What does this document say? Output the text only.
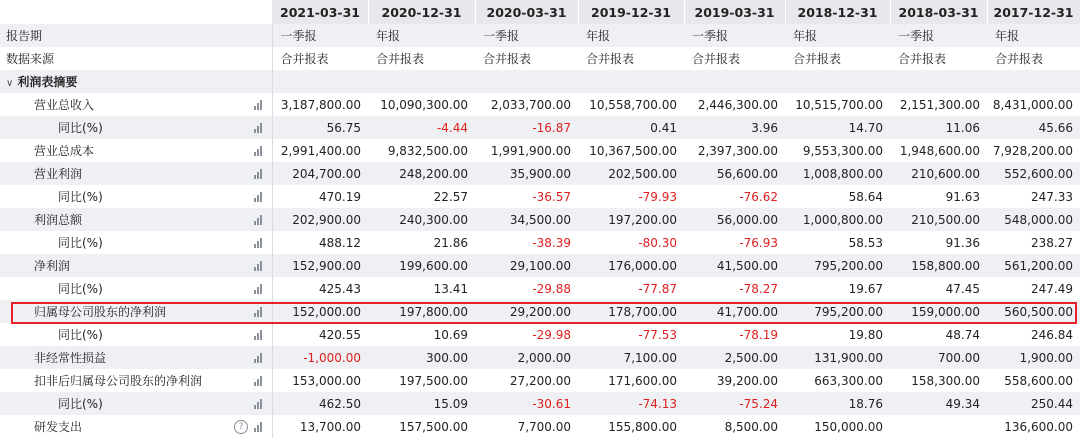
		2021-03-31	2020-12-31	2020-03-31	2019-12-31	2019-03-31	2018-12-31	2018-03-31	2017-12-31
报告期		一季报	年报	一季报	年报	一季报	年报	一季报	年报
数据来源		合并报表	合并报表	合并报表	合并报表	合并报表	合并报表	合并报表	合并报表
∨ 利润表摘要									
营业总收入		3,187,800.00	10,090,300.00	2,033,700.00	10,558,700.00	2,446,300.00	10,515,700.00	2,151,300.00	8,431,000.00
同比(%)		56.75	-4.44	-16.87	0.41	3.96	14.70	11.06	45.66
营业总成本		2,991,400.00	9,832,500.00	1,991,900.00	10,367,500.00	2,397,300.00	9,553,300.00	1,948,600.00	7,928,200.00
营业利润		204,700.00	248,200.00	35,900.00	202,500.00	56,600.00	1,008,800.00	210,600.00	552,600.00
同比(%)		470.19	22.57	-36.57	-79.93	-76.62	58.64	91.63	247.33
利润总额		202,900.00	240,300.00	34,500.00	197,200.00	56,000.00	1,000,800.00	210,500.00	548,000.00
同比(%)		488.12	21.86	-38.39	-80.30	-76.93	58.53	91.36	238.27
净利润		152,900.00	199,600.00	29,100.00	176,000.00	41,500.00	795,200.00	158,800.00	561,200.00
同比(%)		425.43	13.41	-29.88	-77.87	-78.27	19.67	47.45	247.49
归属母公司股东的净利润		152,000.00	197,800.00	29,200.00	178,700.00	41,700.00	795,200.00	159,000.00	560,500.00
同比(%)		420.55	10.69	-29.98	-77.53	-78.19	19.80	48.74	246.84
非经常性损益		-1,000.00	300.00	2,000.00	7,100.00	2,500.00	131,900.00	700.00	1,900.00
扣非后归属母公司股东的净利润		153,000.00	197,500.00	27,200.00	171,600.00	39,200.00	663,300.00	158,300.00	558,600.00
同比(%)		462.50	15.09	-30.61	-74.13	-75.24	18.76	49.34	250.44
研发支出	?	13,700.00	157,500.00	7,700.00	155,800.00	8,500.00	150,000.00		136,600.00
